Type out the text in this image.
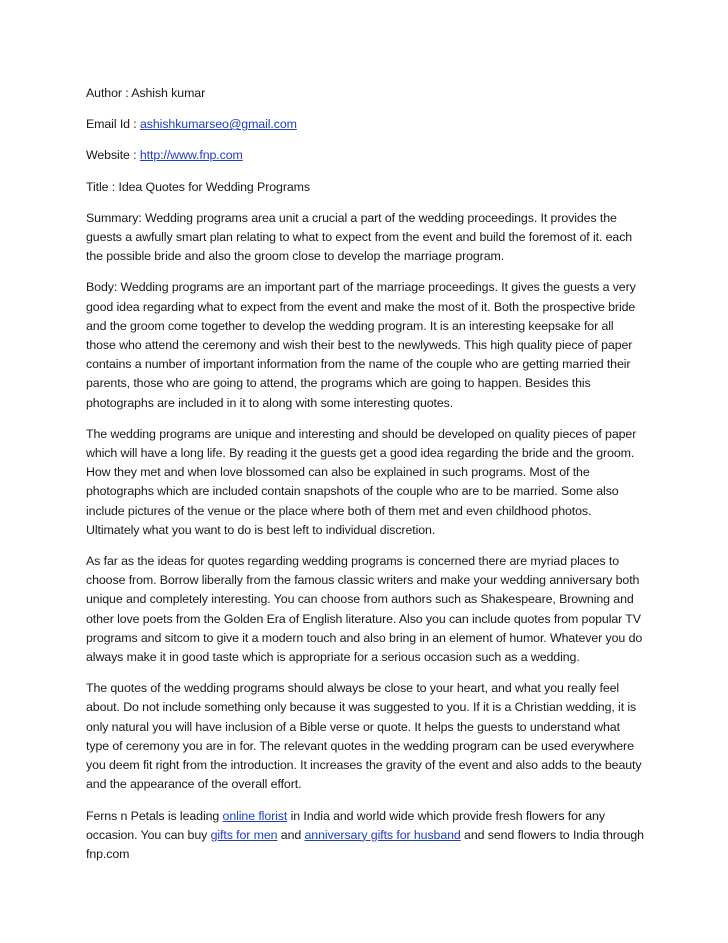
Author : Ashish kumar

Email Id : ashishkumarseo@gmail.com

Website : http://www.fnp.com

Title : Idea Quotes for Wedding Programs

Summary: Wedding programs area unit a crucial a part of the wedding proceedings. It provides the guests a awfully smart plan relating to what to expect from the event and build the foremost of it. each the possible bride and also the groom close to develop the marriage program.

Body: Wedding programs are an important part of the marriage proceedings. It gives the guests a very good idea regarding what to expect from the event and make the most of it. Both the prospective bride and the groom come together to develop the wedding program. It is an interesting keepsake for all those who attend the ceremony and wish their best to the newlyweds. This high quality piece of paper contains a number of important information from the name of the couple who are getting married their parents, those who are going to attend, the programs which are going to happen. Besides this photographs are included in it to along with some interesting quotes.

The wedding programs are unique and interesting and should be developed on quality pieces of paper which will have a long life. By reading it the guests get a good idea regarding the bride and the groom. How they met and when love blossomed can also be explained in such programs. Most of the photographs which are included contain snapshots of the couple who are to be married. Some also include pictures of the venue or the place where both of them met and even childhood photos. Ultimately what you want to do is best left to individual discretion.

As far as the ideas for quotes regarding wedding programs is concerned there are myriad places to choose from. Borrow liberally from the famous classic writers and make your wedding anniversary both unique and completely interesting. You can choose from authors such as Shakespeare, Browning and other love poets from the Golden Era of English literature. Also you can include quotes from popular TV programs and sitcom to give it a modern touch and also bring in an element of humor. Whatever you do always make it in good taste which is appropriate for a serious occasion such as a wedding.

The quotes of the wedding programs should always be close to your heart, and what you really feel about. Do not include something only because it was suggested to you. If it is a Christian wedding, it is only natural you will have inclusion of a Bible verse or quote. It helps the guests to understand what type of ceremony you are in for. The relevant quotes in the wedding program can be used everywhere you deem fit right from the introduction. It increases the gravity of the event and also adds to the beauty and the appearance of the overall effort.

Ferns n Petals is leading online florist in India and world wide which provide fresh flowers for any occasion. You can buy gifts for men and anniversary gifts for husband and send flowers to India through fnp.com
